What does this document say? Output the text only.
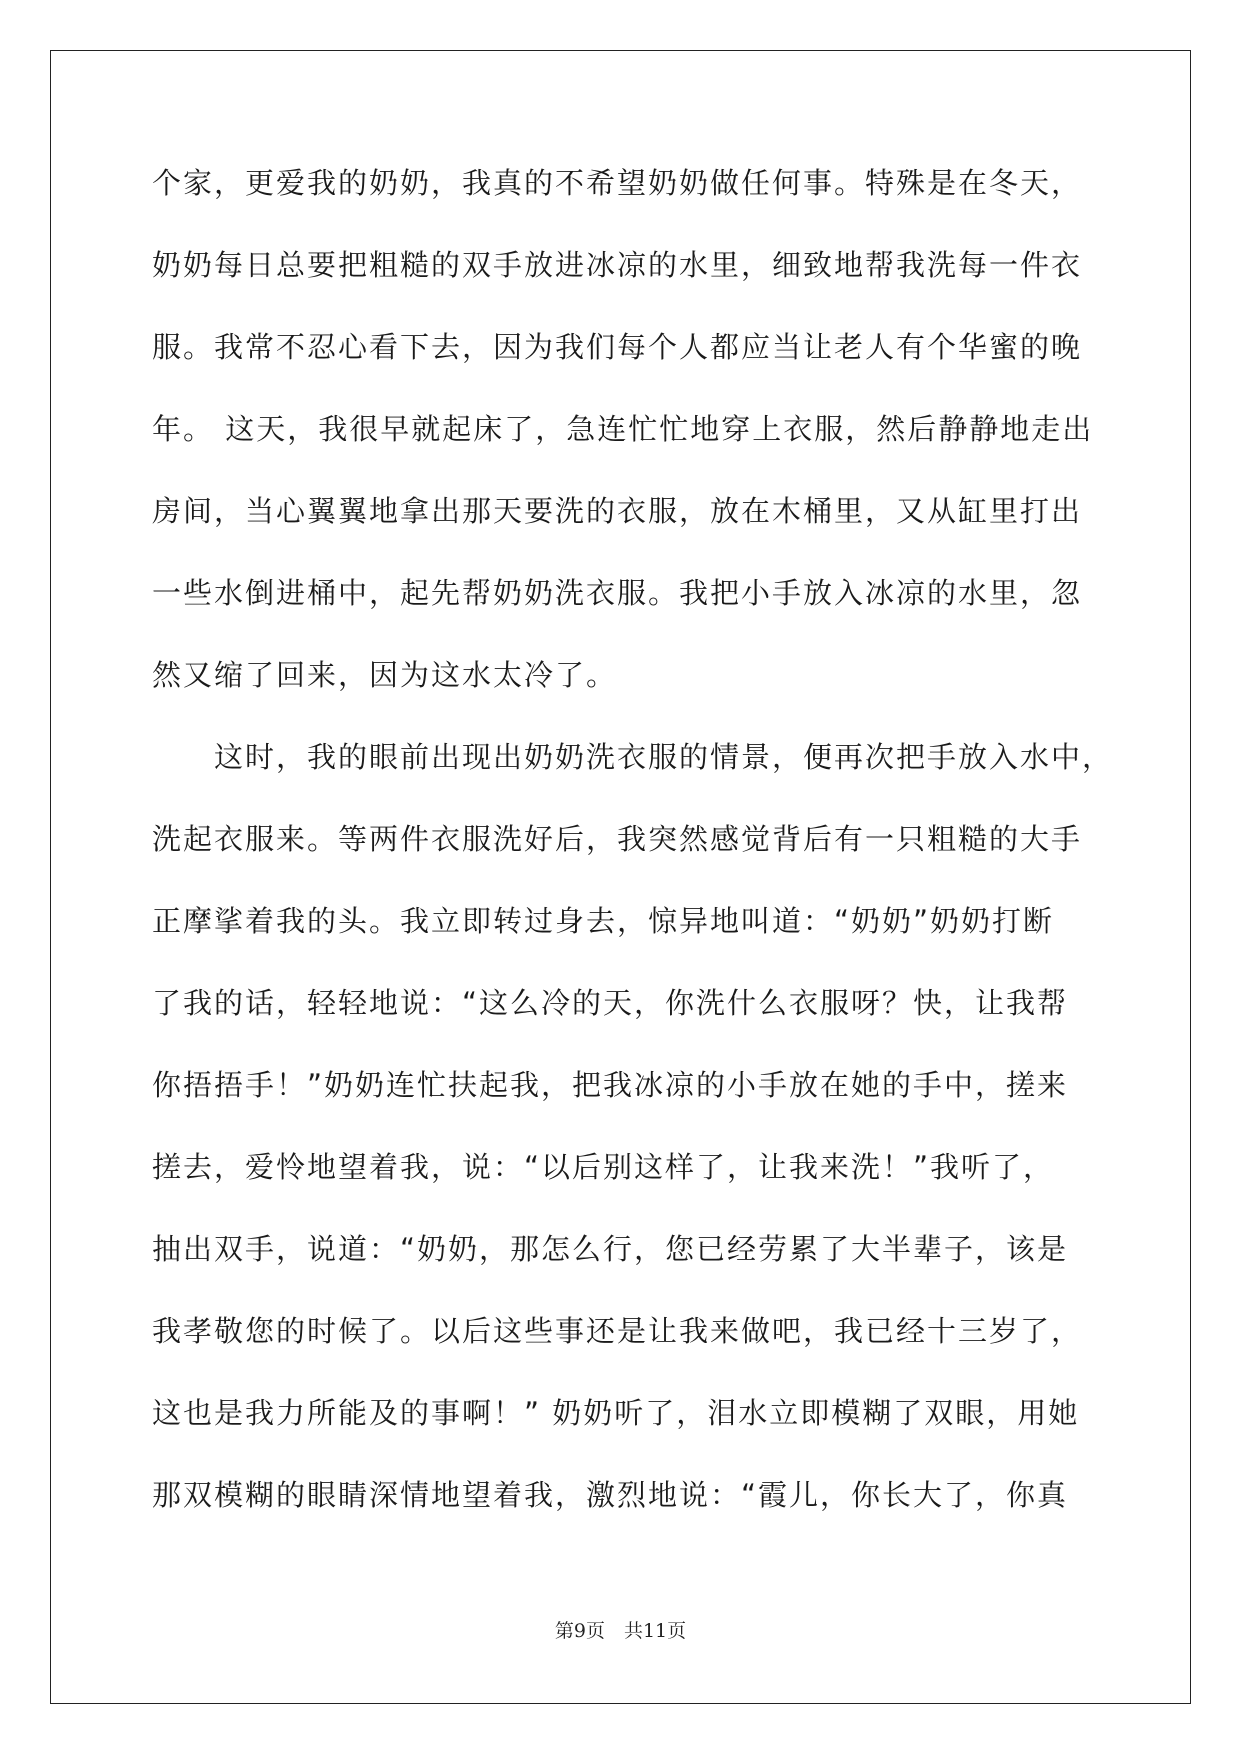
个家，更爱我的奶奶，我真的不希望奶奶做任何事。特殊是在冬天，

奶奶每日总要把粗糙的双手放进冰凉的水里，细致地帮我洗每一件衣

服。我常不忍心看下去，因为我们每个人都应当让老人有个华蜜的晚

年。 这天，我很早就起床了，急连忙忙地穿上衣服，然后静静地走出

房间，当心翼翼地拿出那天要洗的衣服，放在木桶里，又从缸里打出

一些水倒进桶中，起先帮奶奶洗衣服。我把小手放入冰凉的水里，忽

然又缩了回来，因为这水太冷了。

　　这时，我的眼前出现出奶奶洗衣服的情景，便再次把手放入水中，

洗起衣服来。等两件衣服洗好后，我突然感觉背后有一只粗糙的大手

正摩挲着我的头。我立即转过身去，惊异地叫道：“奶奶”奶奶打断

了我的话，轻轻地说：“这么冷的天，你洗什么衣服呀？快，让我帮

你捂捂手！”奶奶连忙扶起我，把我冰凉的小手放在她的手中，搓来

搓去，爱怜地望着我，说：“以后别这样了，让我来洗！”我听了，

抽出双手，说道：“奶奶，那怎么行，您已经劳累了大半辈子，该是

我孝敬您的时候了。以后这些事还是让我来做吧，我已经十三岁了，

这也是我力所能及的事啊！” 奶奶听了，泪水立即模糊了双眼，用她

那双模糊的眼睛深情地望着我，激烈地说：“霞儿，你长大了，你真

第9页　共11页
